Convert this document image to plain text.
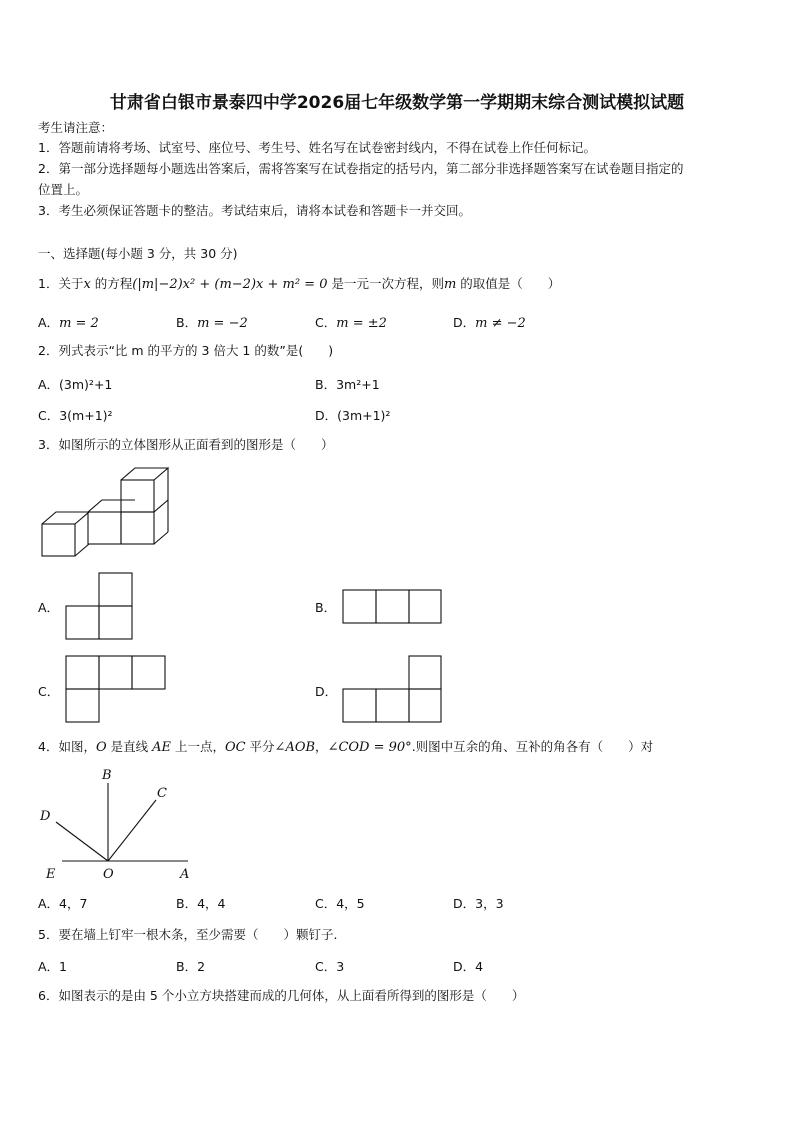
甘肃省白银市景泰四中学2026届七年级数学第一学期期末综合测试模拟试题
考生请注意：
1．答题前请将考场、试室号、座位号、考生号、姓名写在试卷密封线内，不得在试卷上作任何标记。
2．第一部分选择题每小题选出答案后，需将答案写在试卷指定的括号内，第二部分非选择题答案写在试卷题目指定的
位置上。
3．考生必须保证答题卡的整洁。考试结束后，请将本试卷和答题卡一并交回。
一、选择题(每小题 3 分，共 30 分)
1．关于x 的方程(|m|−2)x² + (m−2)x + m² = 0 是一元一次方程，则m 的取值是（　　）
A．m = 2	B．m = −2	C．m = ±2	D．m ≠ −2
2．列式表示“比 m 的平方的 3 倍大 1 的数”是(　　)
A．(3m)²+1	B．3m²+1
C．3(m+1)²	D．(3m+1)²
3．如图所示的立体图形从正面看到的图形是（　　）
A．	B．
C．	D．
4．如图，O 是直线 AE 上一点，OC 平分∠AOB，∠COD = 90°.则图中互余的角、互补的角各有（　　）对
B
C
D
E	O	A
A．4，7	B．4，4	C．4，5	D．3，3
5．要在墙上钉牢一根木条，至少需要（　　）颗钉子.
A．1	B．2	C．3	D．4
6．如图表示的是由 5 个小立方块搭建而成的几何体，从上面看所得到的图形是（　　）
